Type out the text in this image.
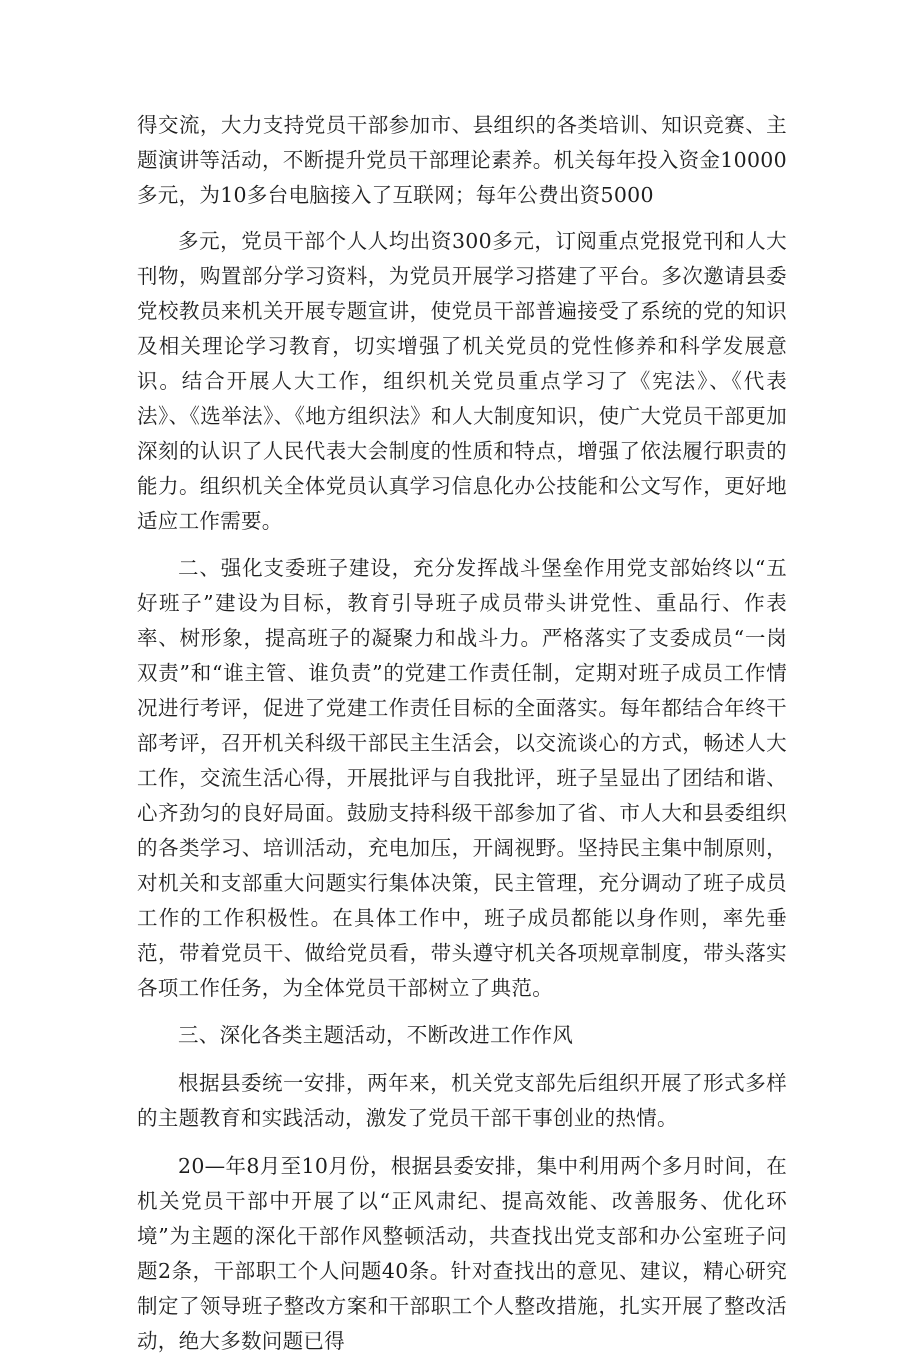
得交流，大力支持党员干部参加市、县组织的各类培训、知识竞赛、主题演讲等活动，不断提升党员干部理论素养。机关每年投入资金10000多元，为10多台电脑接入了互联网；每年公费出资5000

多元，党员干部个人人均出资300多元，订阅重点党报党刊和人大刊物，购置部分学习资料，为党员开展学习搭建了平台。多次邀请县委党校教员来机关开展专题宣讲，使党员干部普遍接受了系统的党的知识及相关理论学习教育，切实增强了机关党员的党性修养和科学发展意识。结合开展人大工作，组织机关党员重点学习了《宪法》、《代表法》、《选举法》、《地方组织法》和人大制度知识，使广大党员干部更加深刻的认识了人民代表大会制度的性质和特点，增强了依法履行职责的能力。组织机关全体党员认真学习信息化办公技能和公文写作，更好地适应工作需要。

二、强化支委班子建设，充分发挥战斗堡垒作用党支部始终以“五好班子”建设为目标，教育引导班子成员带头讲党性、重品行、作表率、树形象，提高班子的凝聚力和战斗力。严格落实了支委成员“一岗双责”和“谁主管、谁负责”的党建工作责任制，定期对班子成员工作情况进行考评，促进了党建工作责任目标的全面落实。每年都结合年终干部考评，召开机关科级干部民主生活会，以交流谈心的方式，畅述人大工作，交流生活心得，开展批评与自我批评，班子呈显出了团结和谐、心齐劲匀的良好局面。鼓励支持科级干部参加了省、市人大和县委组织的各类学习、培训活动，充电加压，开阔视野。坚持民主集中制原则，对机关和支部重大问题实行集体决策，民主管理，充分调动了班子成员工作的工作积极性。在具体工作中，班子成员都能以身作则，率先垂范，带着党员干、做给党员看，带头遵守机关各项规章制度，带头落实各项工作任务，为全体党员干部树立了典范。

三、深化各类主题活动，不断改进工作作风

根据县委统一安排，两年来，机关党支部先后组织开展了形式多样的主题教育和实践活动，激发了党员干部干事创业的热情。

20—年8月至10月份，根据县委安排，集中利用两个多月时间，在机关党员干部中开展了以“正风肃纪、提高效能、改善服务、优化环境”为主题的深化干部作风整顿活动，共查找出党支部和办公室班子问题2条，干部职工个人问题40条。针对查找出的意见、建议，精心研究制定了领导班子整改方案和干部职工个人整改措施，扎实开展了整改活动，绝大多数问题已得
